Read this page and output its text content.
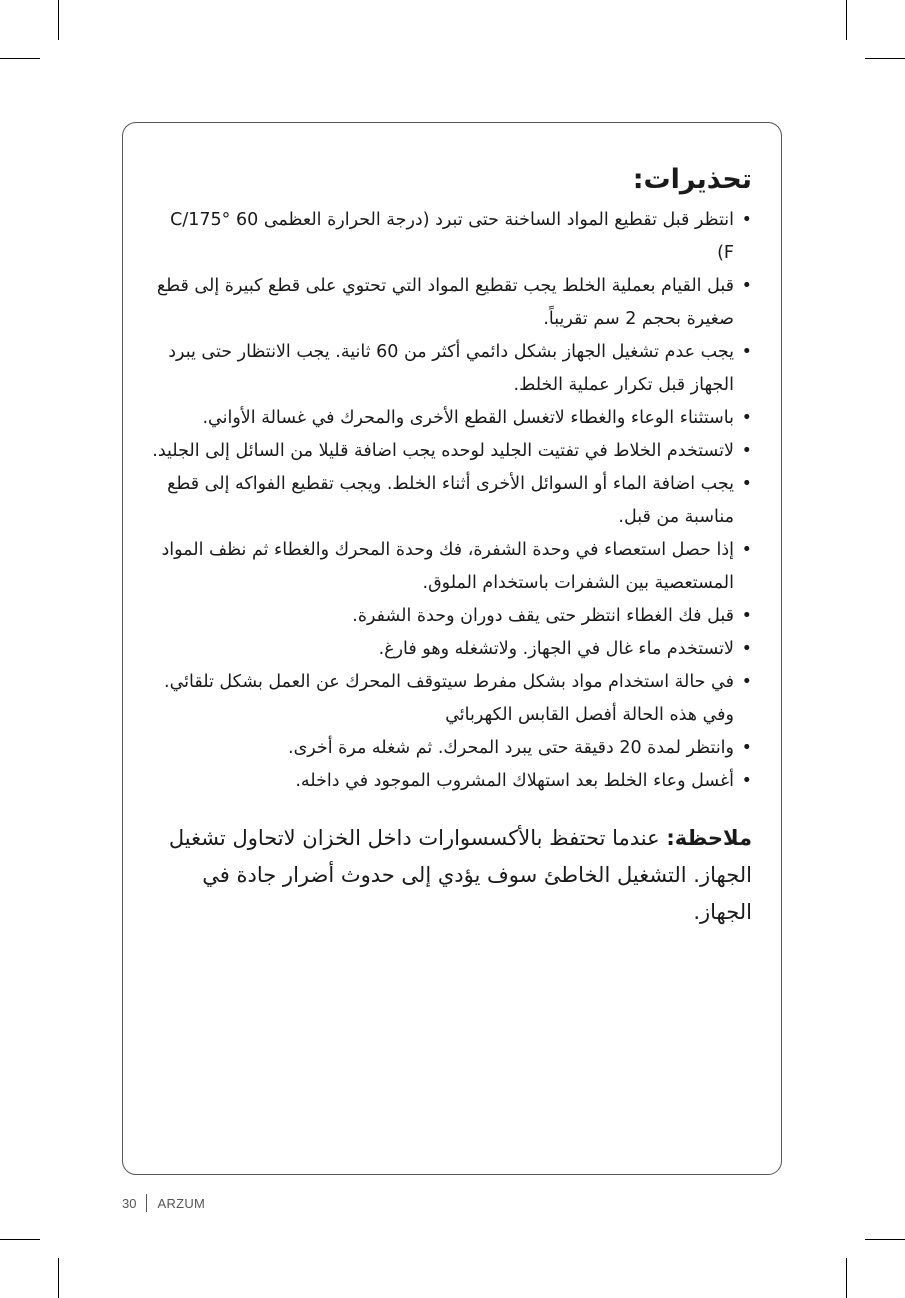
تحذيرات:
•
انتظر قبل تقطيع المواد الساخنة حتى تبرد (درجة الحرارة العظمى 60 °C/175 F)
•
قبل القيام بعملية الخلط يجب تقطيع المواد التي تحتوي على قطع كبيرة إلى قطع صغيرة بحجم 2 سم تقريباً.
•
يجب عدم تشغيل الجهاز بشكل دائمي أكثر من 60 ثانية. يجب الانتظار حتى يبرد الجهاز قبل تكرار عملية الخلط.
•
باستثناء الوعاء والغطاء لاتغسل القطع الأخرى والمحرك في غسالة الأواني.
•
لاتستخدم الخلاط في تفتيت الجليد لوحده يجب اضافة قليلا من السائل إلى الجليد.
•
يجب اضافة الماء أو السوائل الأخرى أثناء الخلط. ويجب تقطيع الفواكه إلى قطع مناسبة من قبل.
•
إذا حصل استعصاء في وحدة الشفرة، فك وحدة المحرك والغطاء ثم نظف المواد المستعصية بين الشفرات باستخدام الملوق.
•
قبل فك الغطاء انتظر حتى يقف دوران وحدة الشفرة.
•
لاتستخدم ماء غال في الجهاز. ولاتشغله وهو فارغ.
•
في حالة استخدام مواد بشكل مفرط سيتوقف المحرك عن العمل بشكل تلقائي. وفي هذه الحالة أفصل القابس الكهربائي
•
وانتظر لمدة 20 دقيقة حتى يبرد المحرك. ثم شغله مرة أخرى.
•
أغسل وعاء الخلط بعد استهلاك المشروب الموجود في داخله.
ملاحظة: عندما تحتفظ بالأكسسوارات داخل الخزان لاتحاول تشغيل الجهاز. التشغيل الخاطئ سوف يؤدي إلى حدوث أضرار جادة في الجهاز.
30 ARZUM
